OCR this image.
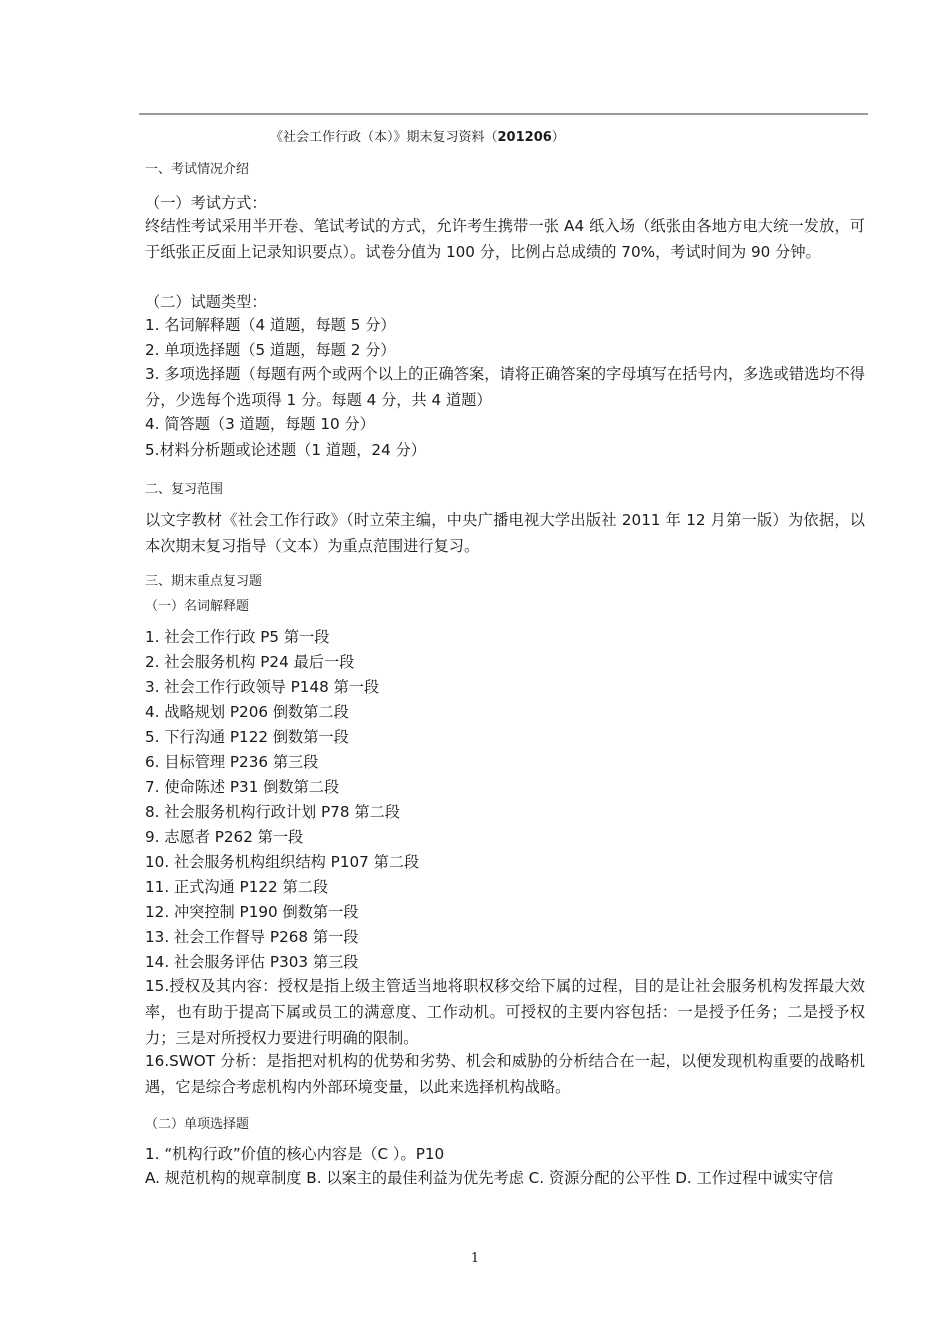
《社会工作行政（本）》期末复习资料（201206）
一、考试情况介绍
（一）考试方式：
终结性考试采用半开卷、笔试考试的方式，允许考生携带一张 A4 纸入场（纸张由各地方电大统一发放，可于纸张正反面上记录知识要点）。试卷分值为 100 分，比例占总成绩的 70%，考试时间为 90 分钟。
（二）试题类型：
1. 名词解释题（4 道题，每题 5 分）
2. 单项选择题（5 道题，每题 2 分）
3. 多项选择题（每题有两个或两个以上的正确答案，请将正确答案的字母填写在括号内，多选或错选均不得分，少选每个选项得 1 分。每题 4 分，共 4 道题）
4. 简答题（3 道题，每题 10 分）
5.材料分析题或论述题（1 道题，24 分）
二、复习范围
以文字教材《社会工作行政》（时立荣主编，中央广播电视大学出版社 2011 年 12 月第一版）为依据，以本次期末复习指导（文本）为重点范围进行复习。
三、期末重点复习题
（一）名词解释题
1. 社会工作行政 P5 第一段
2. 社会服务机构 P24 最后一段
3. 社会工作行政领导 P148 第一段
4. 战略规划 P206 倒数第二段
5. 下行沟通 P122 倒数第一段
6. 目标管理 P236 第三段
7. 使命陈述 P31 倒数第二段
8. 社会服务机构行政计划 P78 第二段
9. 志愿者 P262 第一段
10. 社会服务机构组织结构 P107 第二段
11. 正式沟通 P122 第二段
12. 冲突控制 P190 倒数第一段
13. 社会工作督导 P268 第一段
14. 社会服务评估 P303 第三段
15.授权及其内容：授权是指上级主管适当地将职权移交给下属的过程，目的是让社会服务机构发挥最大效率，也有助于提高下属或员工的满意度、工作动机。可授权的主要内容包括：一是授予任务；二是授予权力；三是对所授权力要进行明确的限制。
16.SWOT 分析：是指把对机构的优势和劣势、机会和威胁的分析结合在一起，以便发现机构重要的战略机遇，它是综合考虑机构内外部环境变量，以此来选择机构战略。
（二）单项选择题
1. “机构行政”价值的核心内容是（C ）。P10
A. 规范机构的规章制度 B. 以案主的最佳利益为优先考虑 C. 资源分配的公平性 D. 工作过程中诚实守信
1
